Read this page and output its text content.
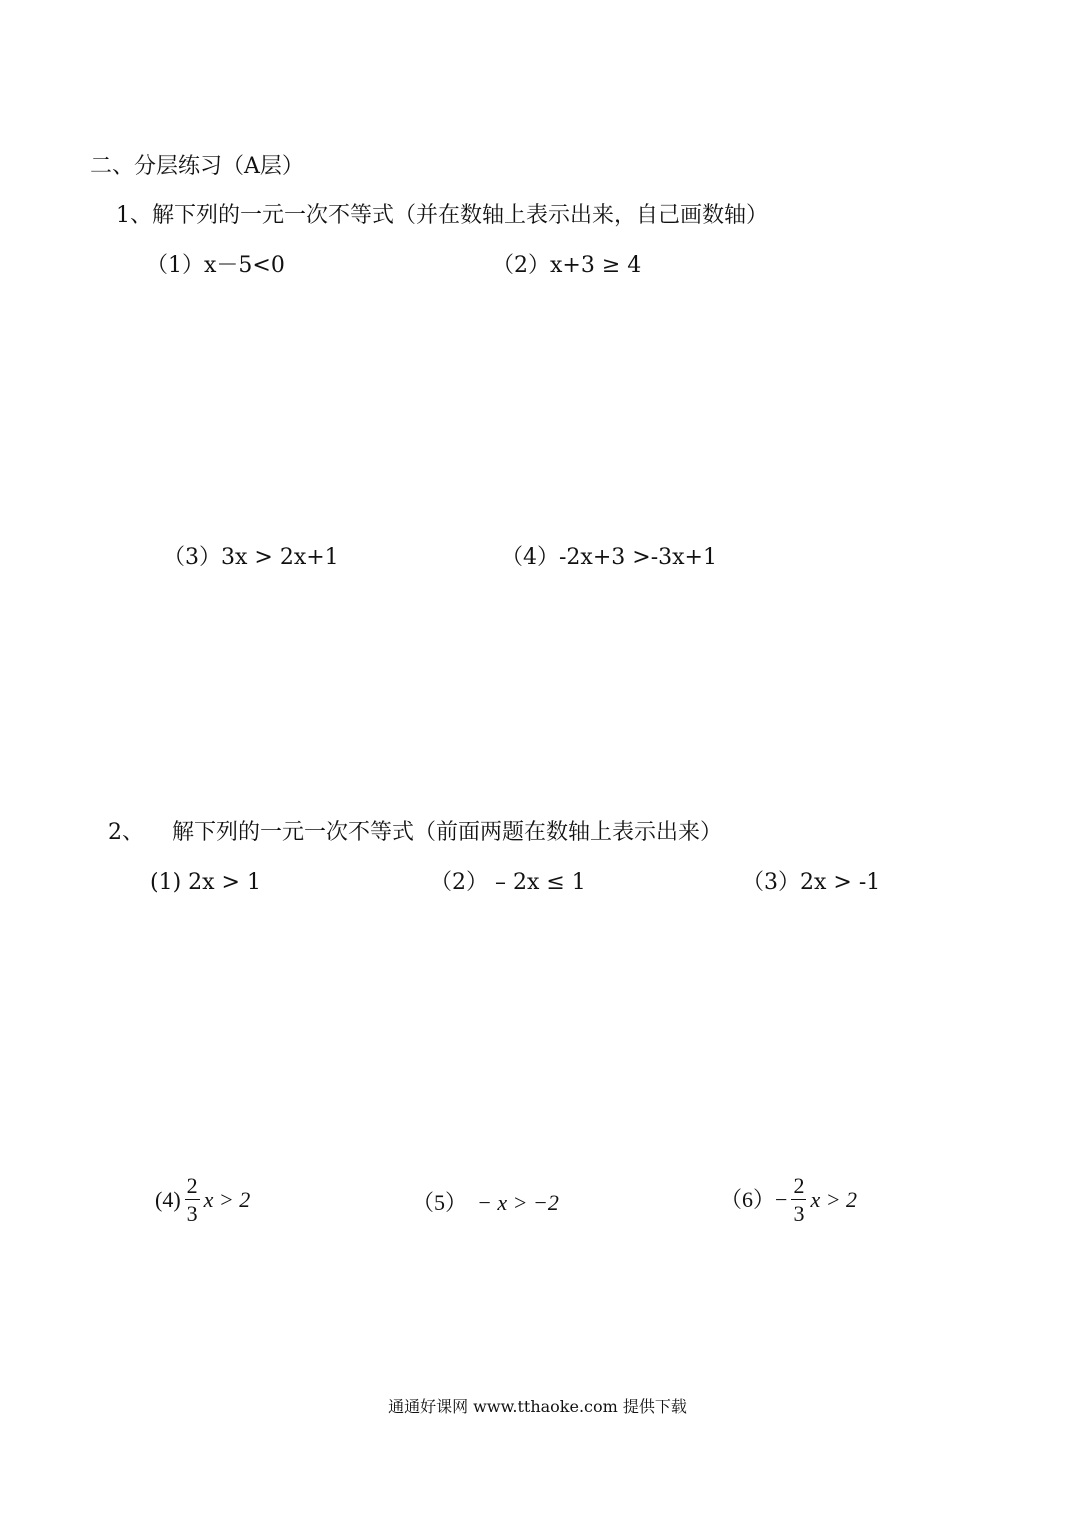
二、分层练习（A层）
1、解下列的一元一次不等式（并在数轴上表示出来，自己画数轴）
（1）x－5<0	（2）x+3 ≥ 4
（3）3x > 2x+1	（4）-2x+3 >-3x+1
2、    解下列的一元一次不等式（前面两题在数轴上表示出来）
(1) 2x > 1	（2） – 2x ≤ 1	（3）2x > -1

$(4) \frac{2}{3}$ x > 2

	（5） − x > −2

	$(6) - \frac{2}{3}$ x > 2

通通好课网 www.tthaoke.com 提供下载
